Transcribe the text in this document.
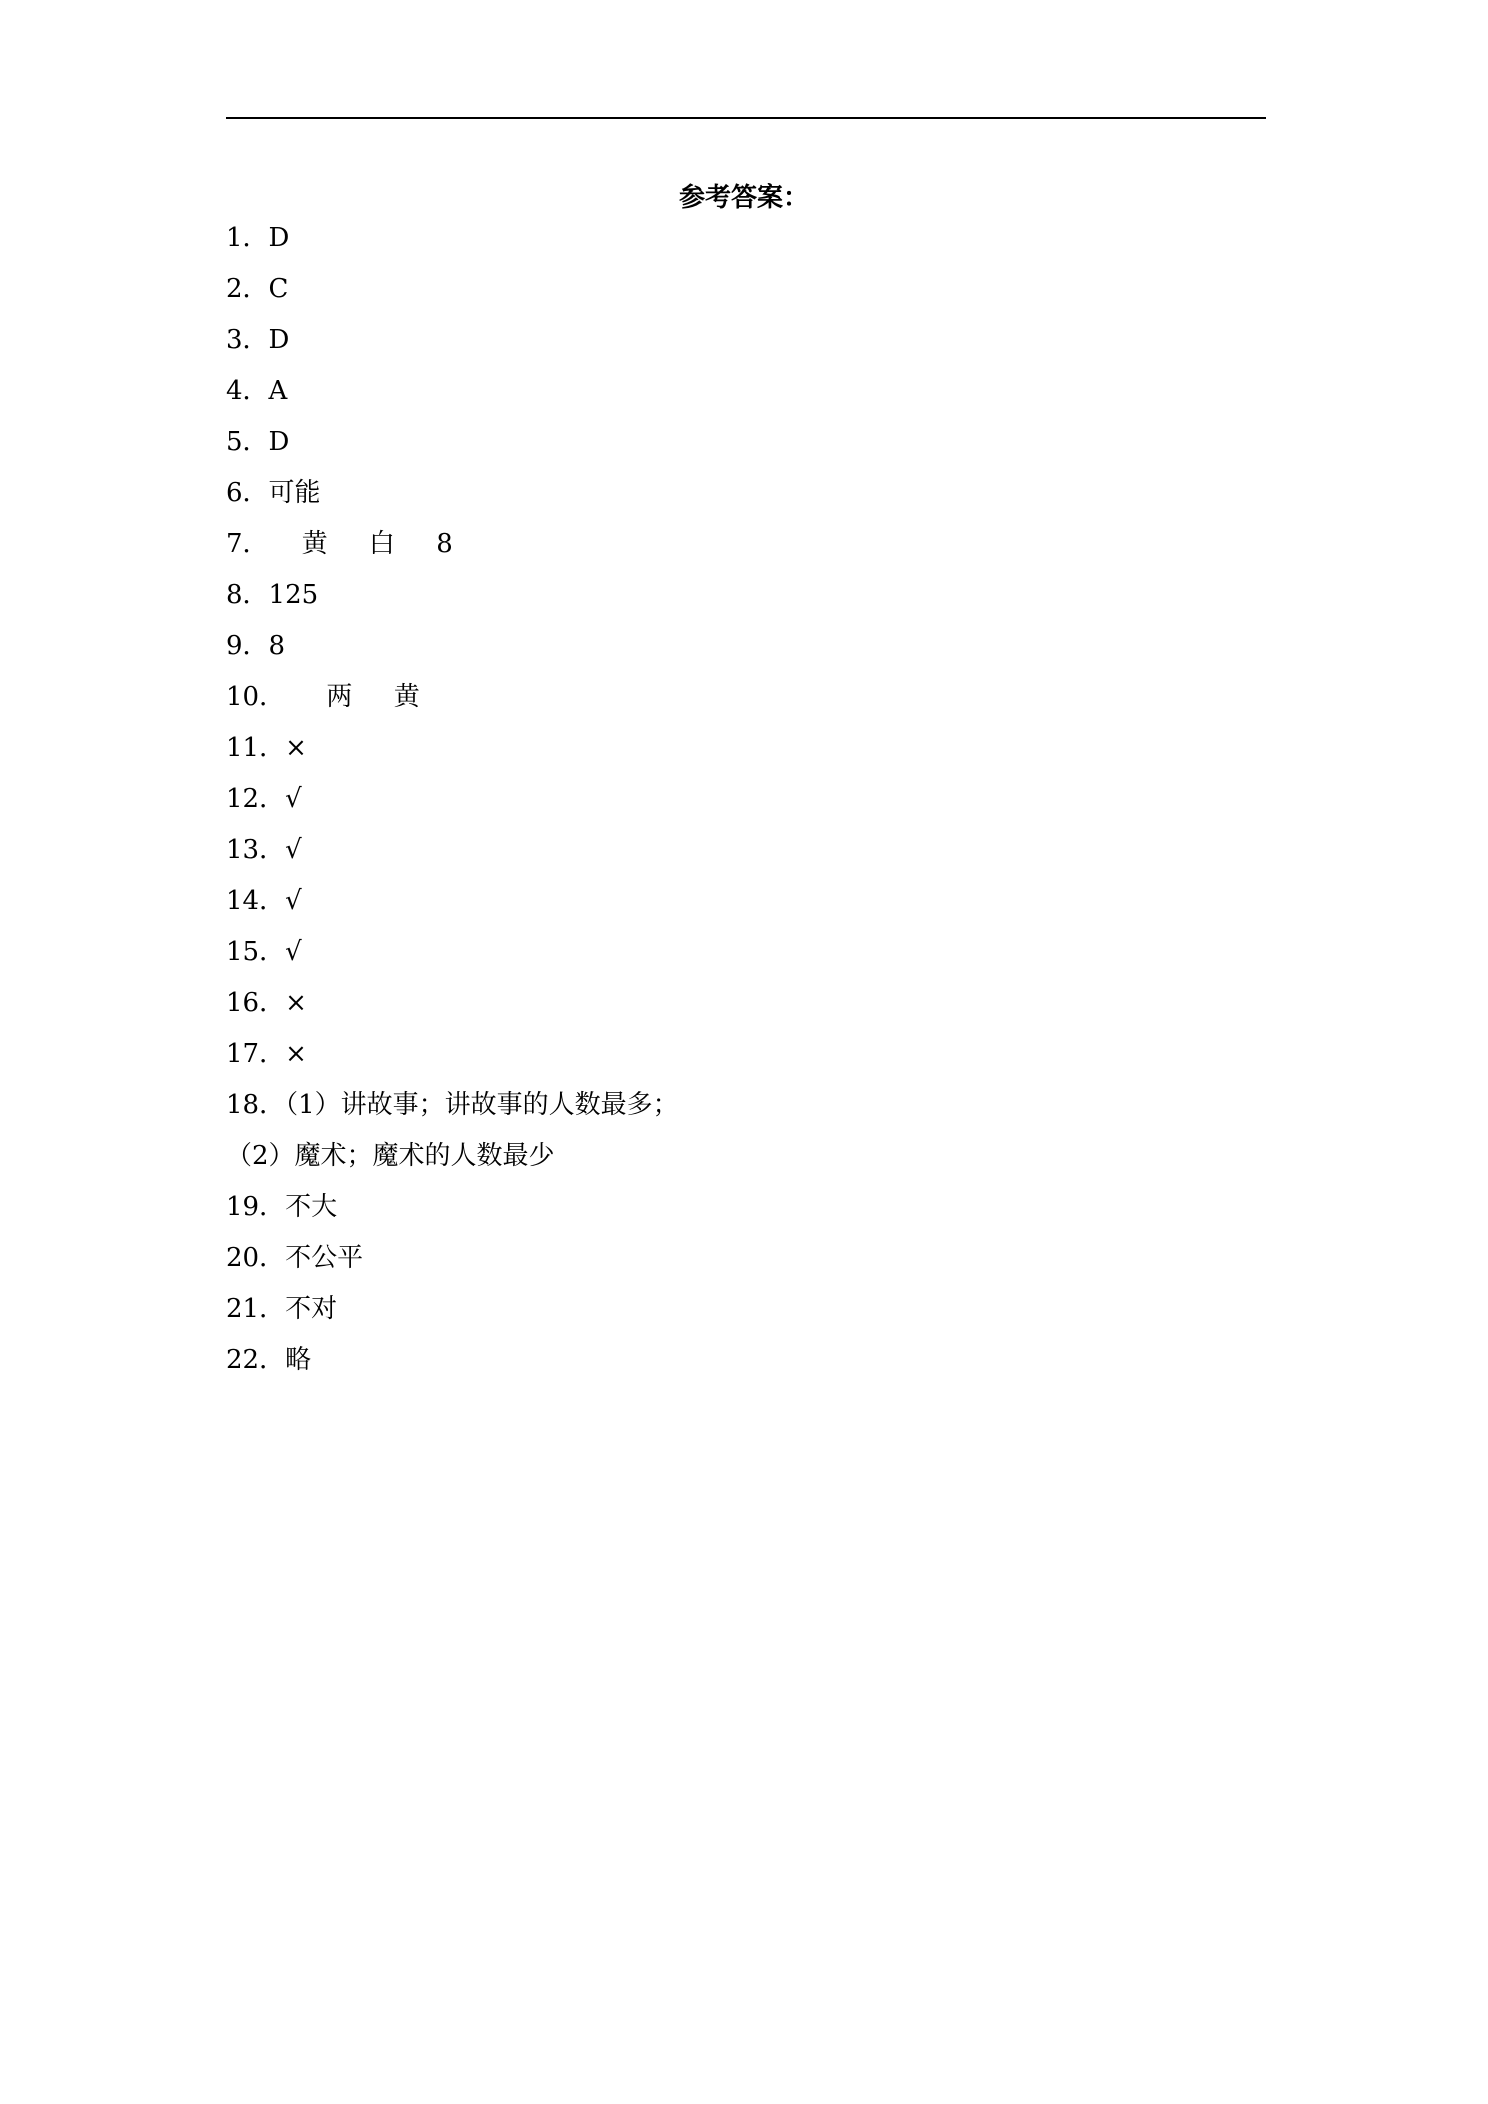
参考答案：
1．D
2．C
3．D
4．A
5．D
6．可能
7．    黄     白     8
8．125
9．8
10．     两     黄
11．×
12．√
13．√
14．√
15．√
16．×
17．×
18．（1）讲故事；讲故事的人数最多；
（2）魔术；魔术的人数最少
19．不大
20．不公平
21．不对
22．略
